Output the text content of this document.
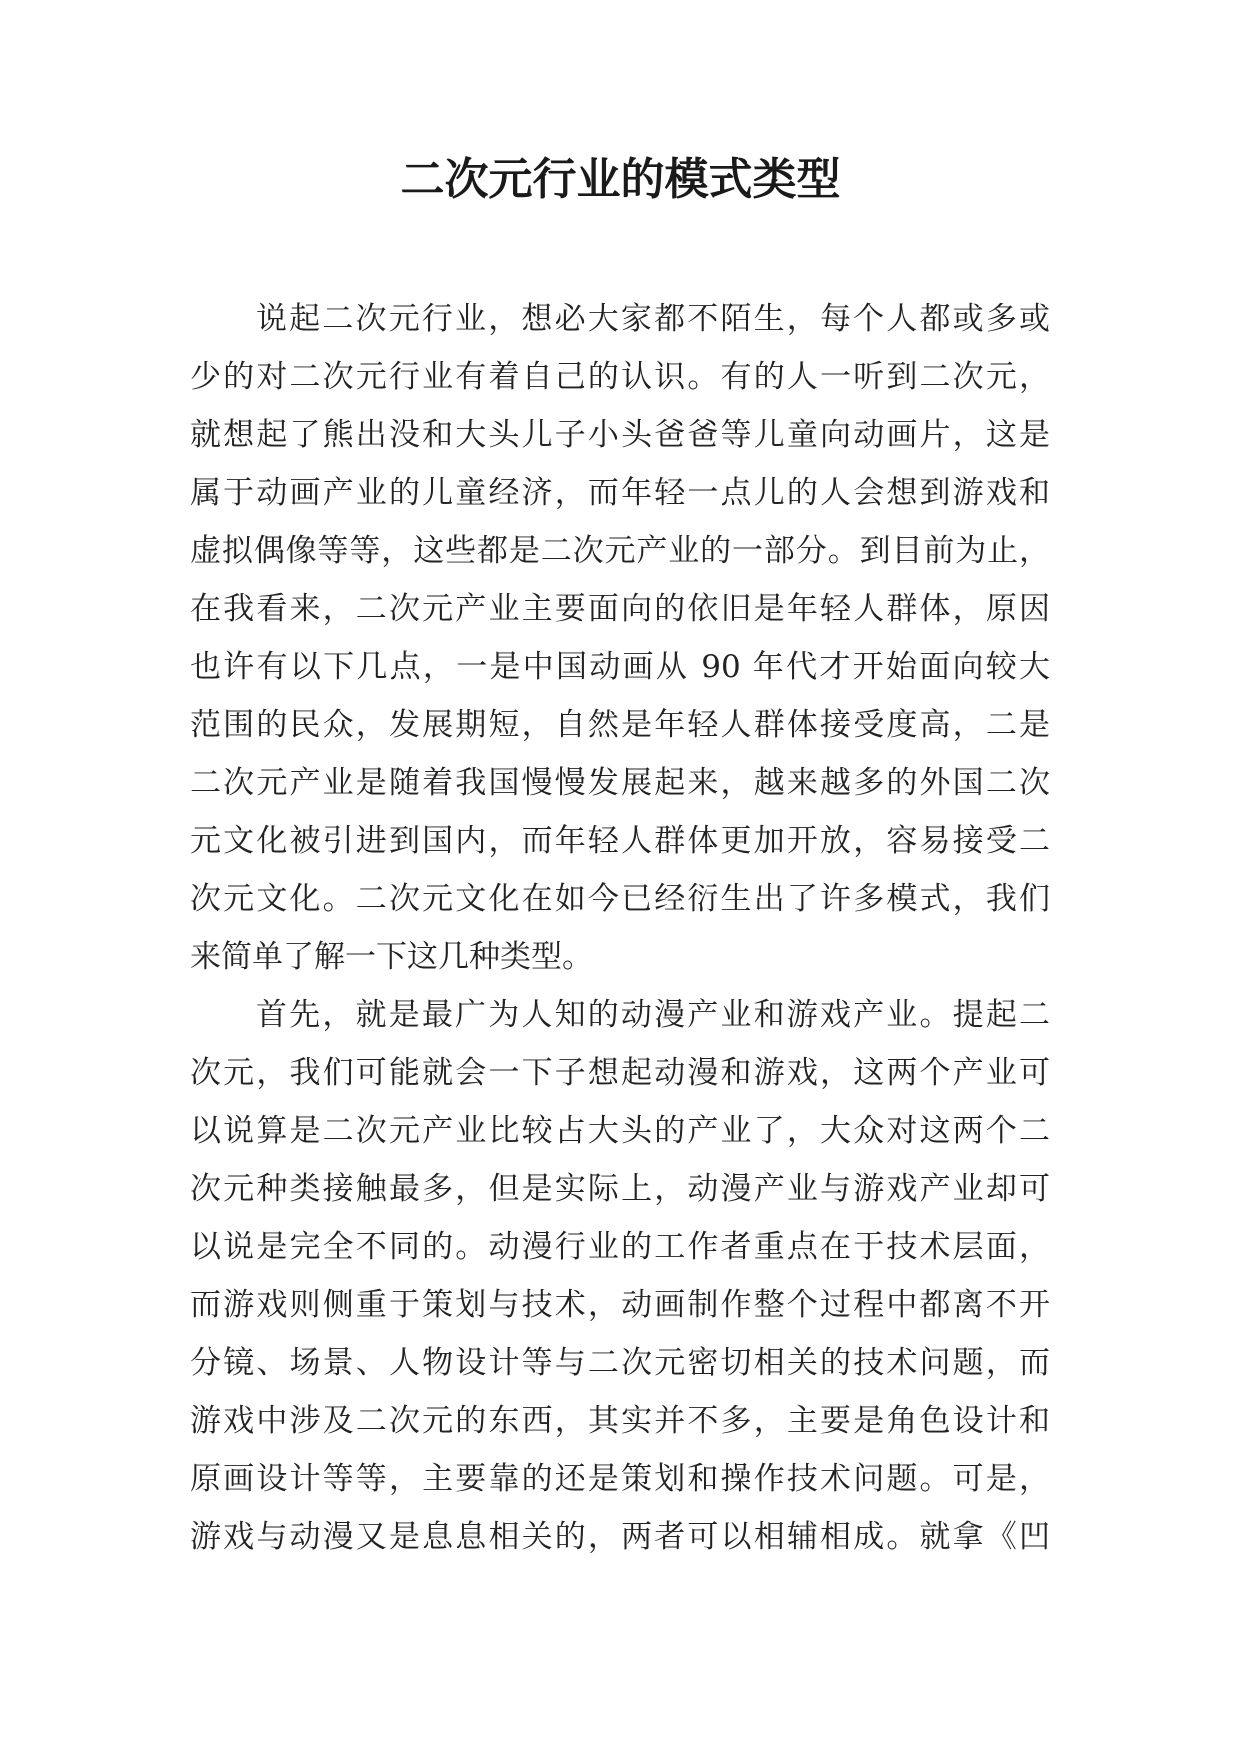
二次元行业的模式类型
说起二次元行业，想必大家都不陌生，每个人都或多或
少的对二次元行业有着自己的认识。有的人一听到二次元，
就想起了熊出没和大头儿子小头爸爸等儿童向动画片，这是
属于动画产业的儿童经济，而年轻一点儿的人会想到游戏和
虚拟偶像等等，这些都是二次元产业的一部分。到目前为止，
在我看来，二次元产业主要面向的依旧是年轻人群体，原因
也许有以下几点，一是中国动画从 90 年代才开始面向较大
范围的民众，发展期短，自然是年轻人群体接受度高，二是
二次元产业是随着我国慢慢发展起来，越来越多的外国二次
元文化被引进到国内，而年轻人群体更加开放，容易接受二
次元文化。二次元文化在如今已经衍生出了许多模式，我们
来简单了解一下这几种类型。
首先，就是最广为人知的动漫产业和游戏产业。提起二
次元，我们可能就会一下子想起动漫和游戏，这两个产业可
以说算是二次元产业比较占大头的产业了，大众对这两个二
次元种类接触最多，但是实际上，动漫产业与游戏产业却可
以说是完全不同的。动漫行业的工作者重点在于技术层面，
而游戏则侧重于策划与技术，动画制作整个过程中都离不开
分镜、场景、人物设计等与二次元密切相关的技术问题，而
游戏中涉及二次元的东西，其实并不多，主要是角色设计和
原画设计等等，主要靠的还是策划和操作技术问题。可是，
游戏与动漫又是息息相关的，两者可以相辅相成。就拿《凹
